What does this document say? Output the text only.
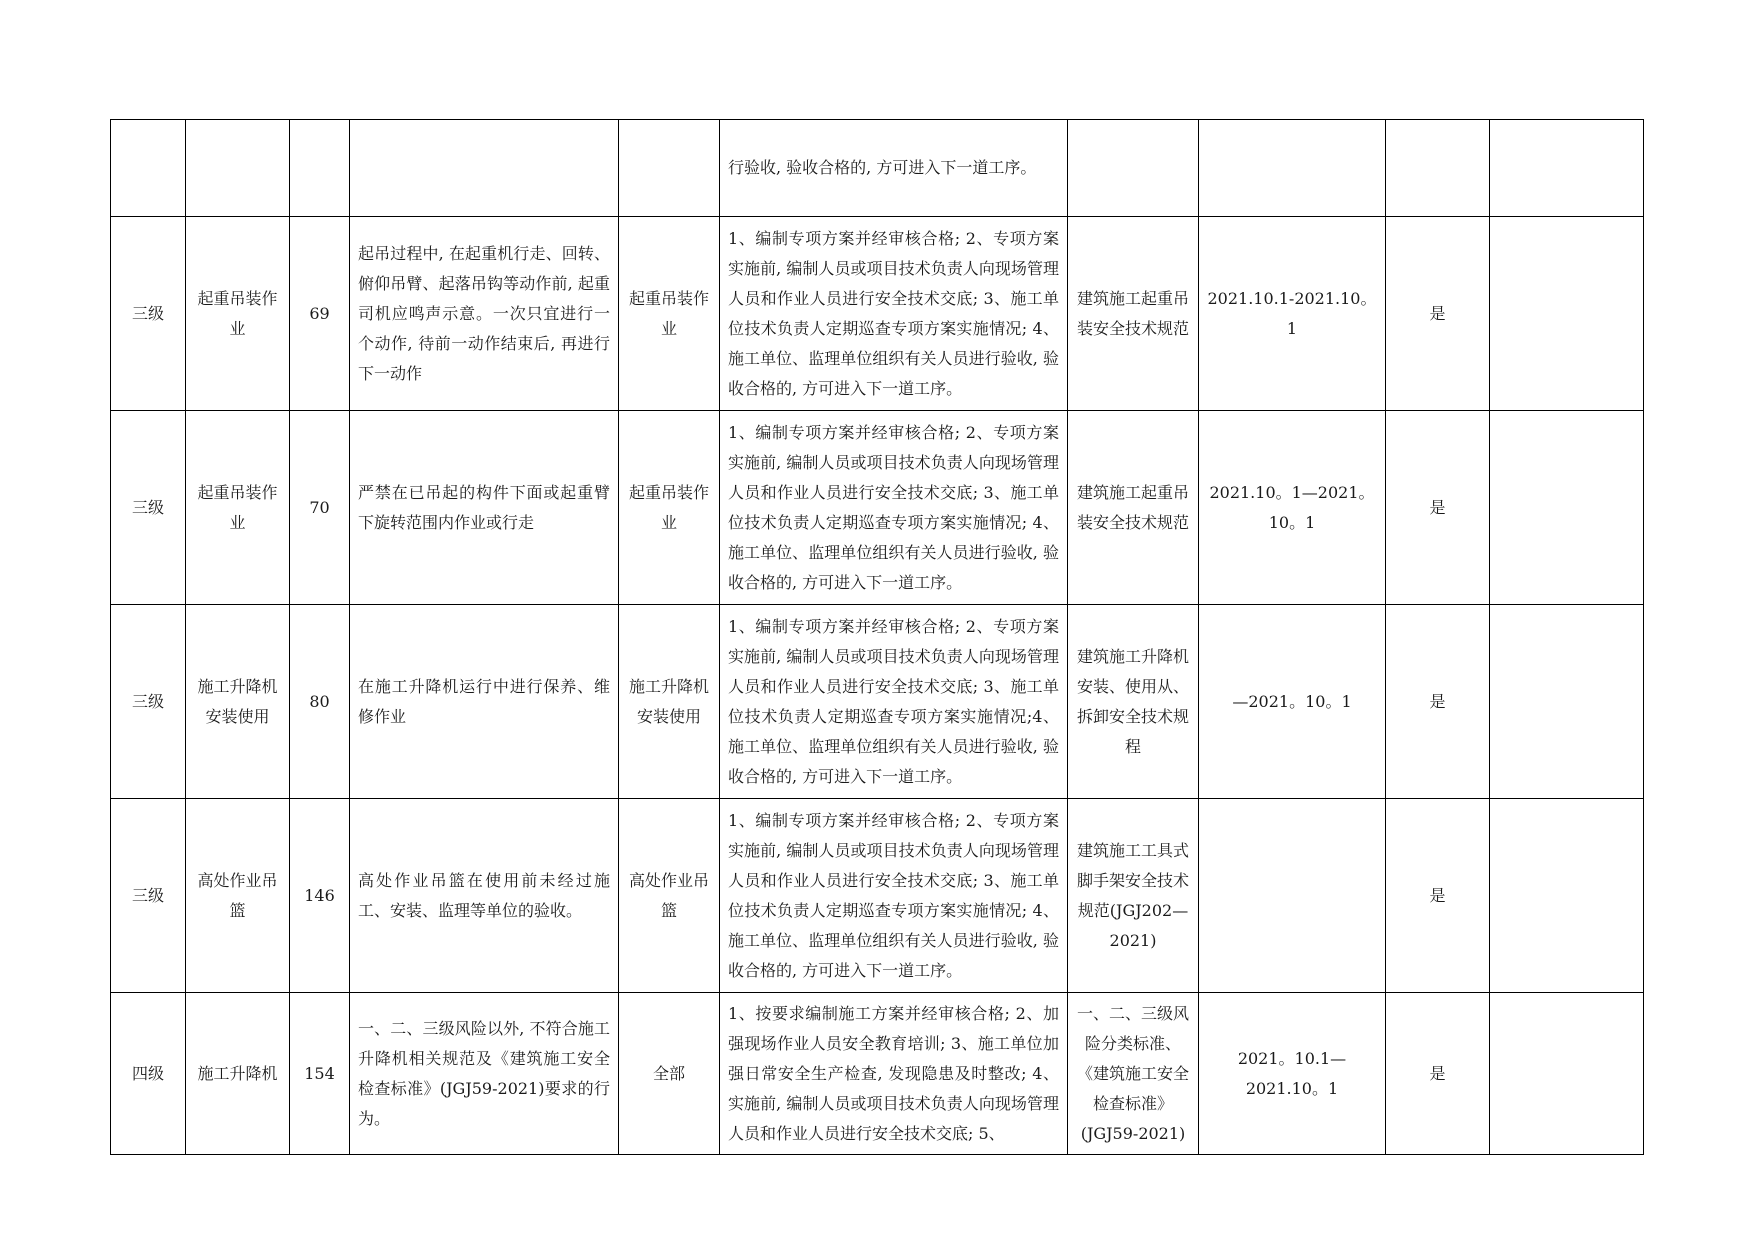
					行验收, 验收合格的, 方可进入下一道工序。				

三级	起重吊装作业	69	起吊过程中, 在起重机行走、回转、俯仰吊臂、起落吊钩等动作前, 起重司机应鸣声示意。一次只宜进行一个动作, 待前一动作结束后, 再进行下一动作	起重吊装作业	1、编制专项方案并经审核合格; 2、专项方案实施前, 编制人员或项目技术负责人向现场管理人员和作业人员进行安全技术交底; 3、施工单位技术负责人定期巡查专项方案实施情况; 4、施工单位、监理单位组织有关人员进行验收, 验收合格的, 方可进入下一道工序。	建筑施工起重吊装安全技术规范	2021.10.1-2021.10。1	是	

三级	起重吊装作业	70	严禁在已吊起的构件下面或起重臂下旋转范围内作业或行走	起重吊装作业	1、编制专项方案并经审核合格; 2、专项方案实施前, 编制人员或项目技术负责人向现场管理人员和作业人员进行安全技术交底; 3、施工单位技术负责人定期巡查专项方案实施情况; 4、施工单位、监理单位组织有关人员进行验收, 验收合格的, 方可进入下一道工序。	建筑施工起重吊装安全技术规范	2021.10。1—2021。10。1	是	

三级	施工升降机安装使用	80	在施工升降机运行中进行保养、维修作业	施工升降机安装使用	1、编制专项方案并经审核合格; 2、专项方案实施前, 编制人员或项目技术负责人向现场管理人员和作业人员进行安全技术交底; 3、施工单位技术负责人定期巡查专项方案实施情况;4、施工单位、监理单位组织有关人员进行验收, 验收合格的, 方可进入下一道工序。	建筑施工升降机安装、使用从、拆卸安全技术规程	—2021。10。1	是	

三级	高处作业吊篮	146	高处作业吊篮在使用前未经过施工、安装、监理等单位的验收。	高处作业吊篮	1、编制专项方案并经审核合格; 2、专项方案实施前, 编制人员或项目技术负责人向现场管理人员和作业人员进行安全技术交底; 3、施工单位技术负责人定期巡查专项方案实施情况; 4、施工单位、监理单位组织有关人员进行验收, 验收合格的, 方可进入下一道工序。	建筑施工工具式脚手架安全技术规范(JGJ202—2021)		是	

四级	施工升降机	154	一、二、三级风险以外, 不符合施工升降机相关规范及《建筑施工安全检查标准》(JGJ59-2021)要求的行为。	全部	1、按要求编制施工方案并经审核合格; 2、加强现场作业人员安全教育培训; 3、施工单位加强日常安全生产检查, 发现隐患及时整改; 4、实施前, 编制人员或项目技术负责人向现场管理人员和作业人员进行安全技术交底; 5、	一、二、三级风险分类标准、《建筑施工安全检查标准》(JGJ59-2021)	2021。10.1—2021.10。1	是	
